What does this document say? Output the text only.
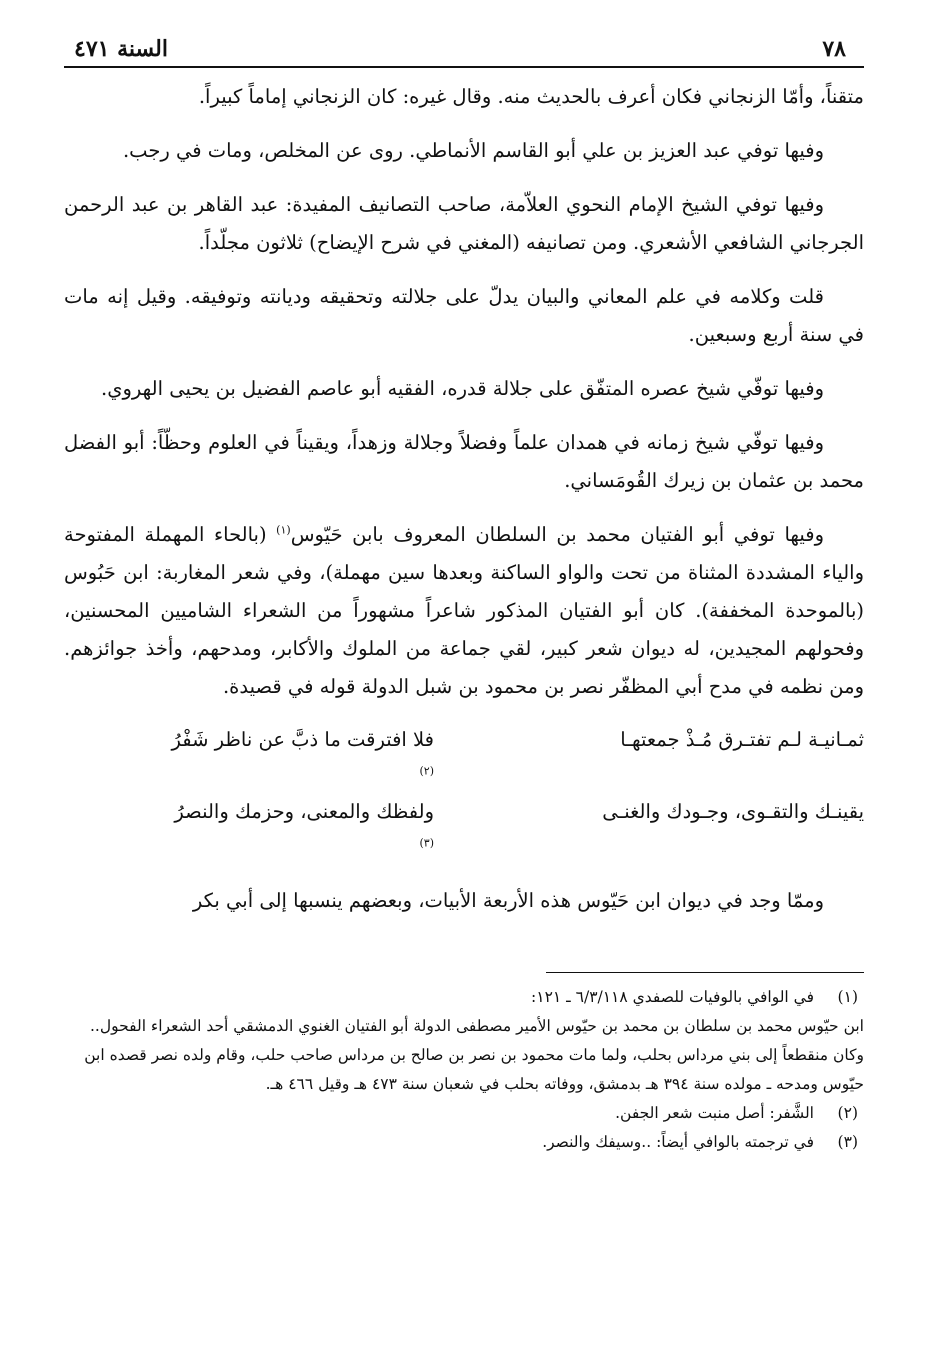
٧٨
السنة ٤٧١

متقناً، وأمّا الزنجاني فكان أعرف بالحديث منه. وقال غيره: كان الزنجاني إماماً كبيراً.

وفيها توفي عبد العزيز بن علي أبو القاسم الأنماطي. روى عن المخلص، ومات في رجب.

وفيها توفي الشيخ الإمام النحوي العلاّمة، صاحب التصانيف المفيدة: عبد القاهر بن عبد الرحمن الجرجاني الشافعي الأشعري. ومن تصانيفه (المغني في شرح الإيضاح) ثلاثون مجلّداً.

قلت وكلامه في علم المعاني والبيان يدلّ على جلالته وتحقيقه وديانته وتوفيقه. وقيل إنه مات في سنة أربع وسبعين.

وفيها توفّي شيخ عصره المتفّق على جلالة قدره، الفقيه أبو عاصم الفضيل بن يحيى الهروي.

وفيها توفّي شيخ زمانه في همدان علماً وفضلاً وجلالة وزهداً، ويقيناً في العلوم وحظّاً: أبو الفضل محمد بن عثمان بن زيرك القُومَساني.

وفيها توفي أبو الفتيان محمد بن السلطان المعروف بابن حَيّوس$^{(١)}$ (بالحاء المهملة المفتوحة والياء المشددة المثناة من تحت والواو الساكنة وبعدها سين مهملة)، وفي شعر المغاربة: ابن حَبُوس (بالموحدة المخففة). كان أبو الفتيان المذكور شاعراً مشهوراً من الشعراء الشاميين المحسنين، وفحولهم المجيدين، له ديوان شعر كبير، لقي جماعة من الملوك والأكابر، ومدحهم، وأخذ جوائزهم. ومن نظمه في مدح أبي المظفّر نصر بن محمود بن شبل الدولة قوله في قصيدة.

ثمـانيـة لـم تفتـرق مُـذْ جمعتهـا
فلا افترقت ما ذبَّ عن ناظر شَفْرُ
$^{(٢)}$
يقينـك والتقـوى، وجـودك والغنـى
ولفظك والمعنى، وحزمك والنصرُ
$^{(٣)}$

وممّا وجد في ديوان ابن حَيّوس هذه الأربعة الأبيات، وبعضهم ينسبها إلى أبي بكر

(١)
في الوافي بالوفيات للصفدي ٦/٣/١١٨ ـ ١٢١:
ابن حيّوس محمد بن سلطان بن محمد بن حيّوس الأمير مصطفى الدولة أبو الفتيان الغنوي الدمشقي أحد الشعراء الفحول.. وكان منقطعاً إلى بني مرداس بحلب، ولما مات محمود بن نصر بن صالح بن مرداس صاحب حلب، وقام ولده نصر قصده ابن حيّوس ومدحه ـ مولده سنة ٣٩٤ هـ بدمشق، ووفاته بحلب في شعبان سنة ٤٧٣ هـ وقيل ٤٦٦ هـ.
(٢)
الشَّفر: أصل منبت شعر الجفن.
(٣)
في ترجمته بالوافي أيضاً: ..وسيفك والنصر.
